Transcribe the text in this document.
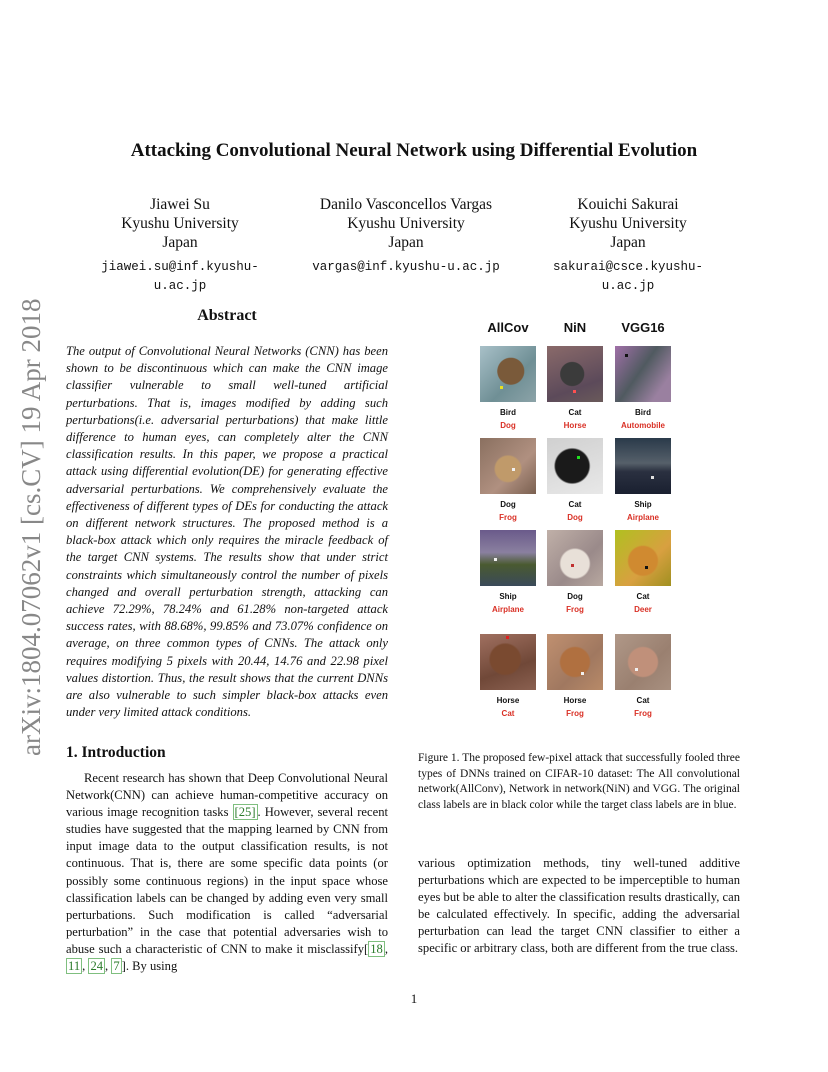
arXiv:1804.07062v1 [cs.CV] 19 Apr 2018
Attacking Convolutional Neural Network using Differential Evolution
Jiawei Su
Kyushu University
Japan
jiawei.su@inf.kyushu-u.ac.jp
Danilo Vasconcellos Vargas
Kyushu University
Japan
vargas@inf.kyushu-u.ac.jp
Kouichi Sakurai
Kyushu University
Japan
sakurai@csce.kyushu-u.ac.jp
Abstract
The output of Convolutional Neural Networks (CNN) has been shown to be discontinuous which can make the CNN image classifier vulnerable to small well-tuned artificial perturbations. That is, images modified by adding such perturbations(i.e. adversarial perturbations) that make little difference to human eyes, can completely alter the CNN classification results. In this paper, we propose a practical attack using differential evolution(DE) for generating effective adversarial perturbations. We comprehensively evaluate the effectiveness of different types of DEs for conducting the attack on different network structures. The proposed method is a black-box attack which only requires the miracle feedback of the target CNN systems. The results show that under strict constraints which simultaneously control the number of pixels changed and overall perturbation strength, attacking can achieve 72.29%, 78.24% and 61.28% non-targeted attack success rates, with 88.68%, 99.85% and 73.07% confidence on average, on three common types of CNNs. The attack only requires modifying 5 pixels with 20.44, 14.76 and 22.98 pixel values distortion. Thus, the result shows that the current DNNs are also vulnerable to such simpler black-box attacks even under very limited attack conditions.
1. Introduction
Recent research has shown that Deep Convolutional Neural Network(CNN) can achieve human-competitive accuracy on various image recognition tasks [25] . However, several recent studies have suggested that the mapping learned by CNN from input image data to the output classification results, is not continuous. That is, there are some specific data points (or possibly some continuous regions) in the input space whose classification labels can be changed by adding even very small perturbations. Such modification is called “adversarial perturbation” in the case that potential adversaries wish to abuse such a characteristic of CNN to make it misclassify[ 18 , 11 , 24 , 7 ]. By using
AllCov	NiN	VGG16
Bird
Dog
Cat
Horse
Bird
Automobile
Dog
Frog
Cat
Dog
Ship
Airplane
Ship
Airplane
Dog
Frog
Cat
Deer
Horse
Cat
Horse
Frog
Cat
Frog
Figure 1. The proposed few-pixel attack that successfully fooled three types of DNNs trained on CIFAR-10 dataset: The All convolutional network(AllConv), Network in network(NiN) and VGG. The original class labels are in black color while the target class labels are in blue.
various optimization methods, tiny well-tuned additive perturbations which are expected to be imperceptible to human eyes but be able to alter the classification results drastically, can be calculated effectively. In specific, adding the adversarial perturbation can lead the target CNN classifier to either a specific or arbitrary class, both are different from the true class.
1
